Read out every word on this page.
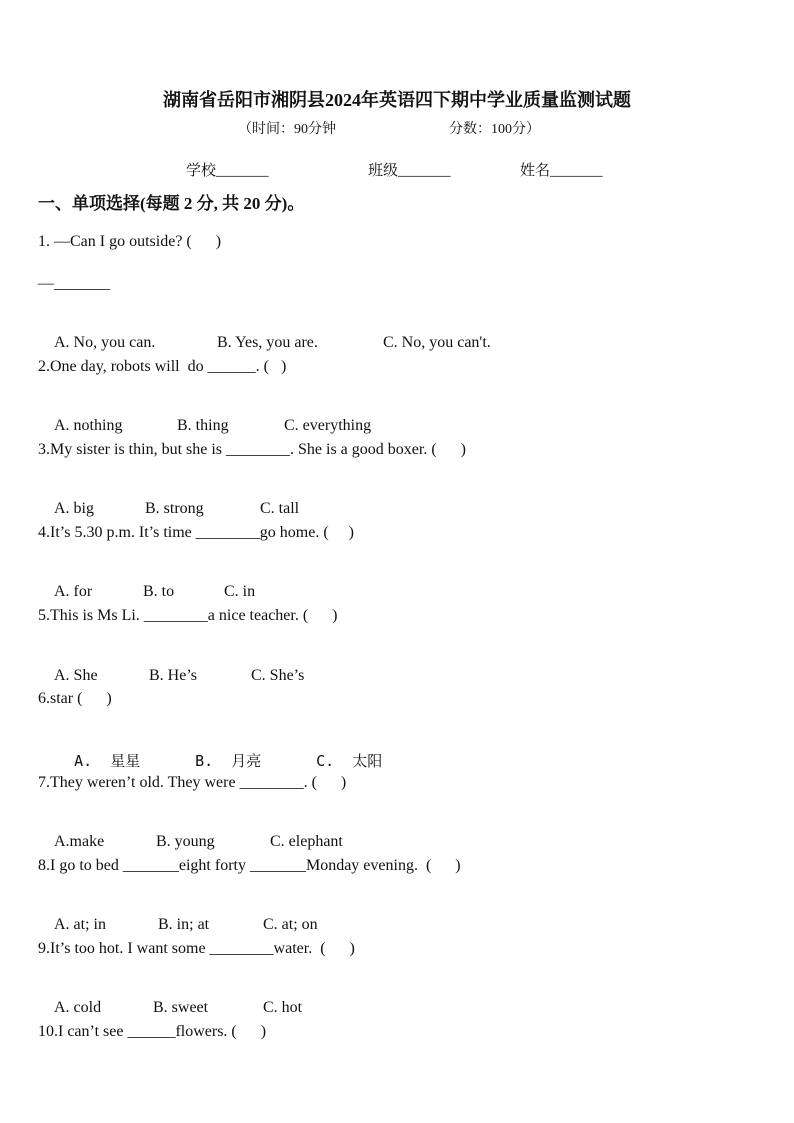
湖南省岳阳市湘阴县2024年英语四下期中学业质量监测试题
（时间：90分钟	分数：100分）
学校_______	班级_______	姓名_______
一、单项选择(每题 2 分, 共 20 分)。
1. —Can I go outside? (      )
—_______

A. No, you can.	B. Yes, you are.	C. No, you can't.

2.One day, robots will  do ______. (   )

A. nothing	B. thing	C. everything

3.My sister is thin, but she is ________. She is a good boxer. (      )

A. big	B. strong	C. tall

4.It’s 5.30 p.m. It’s time ________go home. (     )

A. for	B. to	C. in

5.This is Ms Li. ________a nice teacher. (      )

A. She	B. He’s	C. She’s

6.star (      )

A.  星星	B.  月亮	C.  太阳

7.They weren’t old. They were ________. (      )

A.make	B. young	C. elephant

8.I go to bed _______eight forty _______Monday evening.  (      )

A. at; in	B. in; at	C. at; on

9.It’s too hot. I want some ________water.  (      )

A. cold	B. sweet	C. hot

10.I can’t see ______flowers. (      )
